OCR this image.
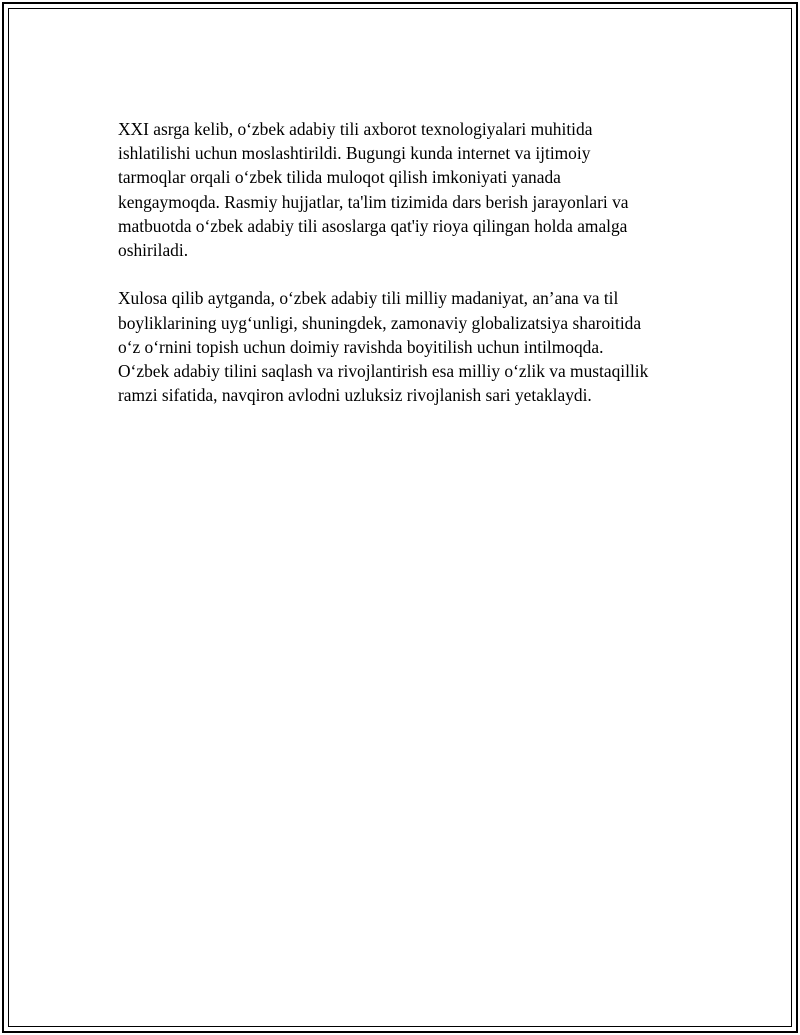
XXI asrga kelib, o‘zbek adabiy tili axborot texnologiyalari muhitida
ishlatilishi uchun moslashtirildi. Bugungi kunda internet va ijtimoiy
tarmoqlar orqali o‘zbek tilida muloqot qilish imkoniyati yanada
kengaymoqda. Rasmiy hujjatlar, ta'lim tizimida dars berish jarayonlari va
matbuotda o‘zbek adabiy tili asoslarga qat'iy rioya qilingan holda amalga
oshiriladi.

Xulosa qilib aytganda, o‘zbek adabiy tili milliy madaniyat, an’ana va til
boyliklarining uyg‘unligi, shuningdek, zamonaviy globalizatsiya sharoitida
o‘z o‘rnini topish uchun doimiy ravishda boyitilish uchun intilmoqda.
O‘zbek adabiy tilini saqlash va rivojlantirish esa milliy o‘zlik va mustaqillik
ramzi sifatida, navqiron avlodni uzluksiz rivojlanish sari yetaklaydi.
